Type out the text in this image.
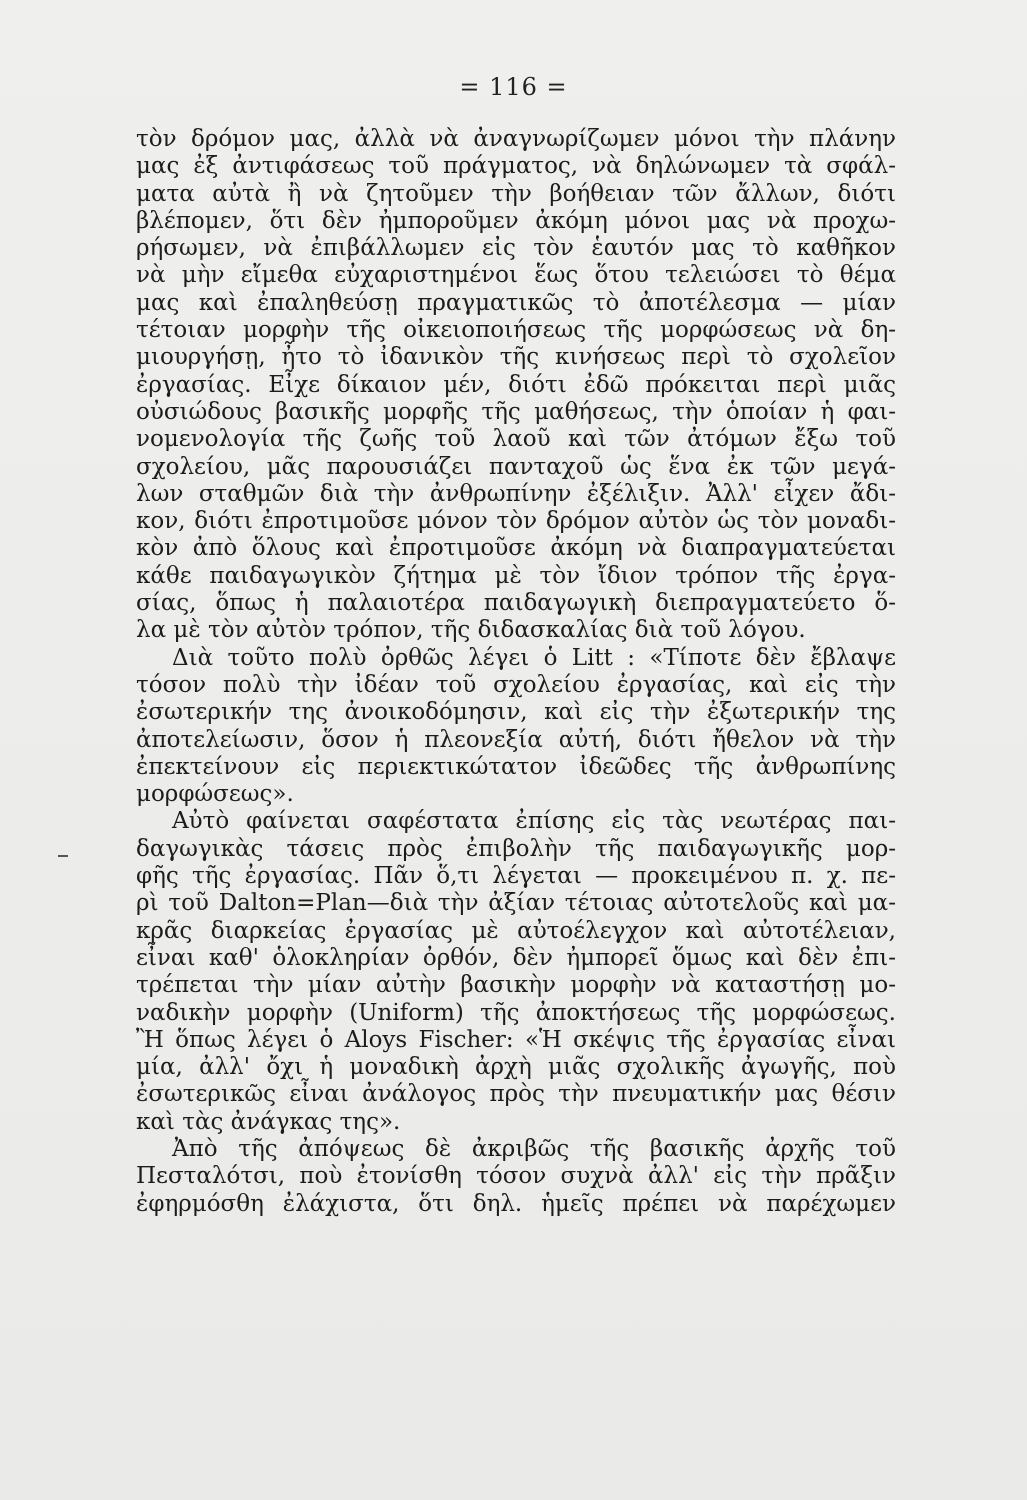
= 116 =
τὸν δρόμον μας, ἀλλὰ νὰ ἀναγνωρίζωμεν μόνοι τὴν πλάνην
μας ἐξ ἀντιφάσεως τοῦ πράγματος, νὰ δηλώνωμεν τὰ σφάλ-
ματα αὐτὰ ἢ νὰ ζητοῦμεν τὴν βοήθειαν τῶν ἄλλων, διότι
βλέπομεν, ὅτι δὲν ἠμποροῦμεν ἀκόμη μόνοι μας νὰ προχω-
ρήσωμεν, νὰ ἐπιβάλλωμεν εἰς τὸν ἑαυτόν μας τὸ καθῆκον
νὰ μὴν εἴμεθα εὐχαριστημένοι ἕως ὅτου τελειώσει τὸ θέμα
μας καὶ ἐπαληθεύσῃ πραγματικῶς τὸ ἀποτέλεσμα — μίαν
τέτοιαν μορφὴν τῆς οἰκειοποιήσεως τῆς μορφώσεως νὰ δη-
μιουργήσῃ, ἦτο τὸ ἰδανικὸν τῆς κινήσεως περὶ τὸ σχολεῖον
ἐργασίας. Εἶχε δίκαιον μέν, διότι ἐδῶ πρόκειται περὶ μιᾶς
οὐσιώδους βασικῆς μορφῆς τῆς μαθήσεως, τὴν ὁποίαν ἡ φαι-
νομενολογία τῆς ζωῆς τοῦ λαοῦ καὶ τῶν ἀτόμων ἔξω τοῦ
σχολείου, μᾶς παρουσιάζει πανταχοῦ ὡς ἕνα ἐκ τῶν μεγά-
λων σταθμῶν διὰ τὴν ἀνθρωπίνην ἐξέλιξιν. Ἀλλ' εἶχεν ἄδι-
κον, διότι ἐπροτιμοῦσε μόνον τὸν δρόμον αὐτὸν ὡς τὸν μοναδι-
κὸν ἀπὸ ὅλους καὶ ἐπροτιμοῦσε ἀκόμη νὰ διαπραγματεύεται
κάθε παιδαγωγικὸν ζήτημα μὲ τὸν ἴδιον τρόπον τῆς ἐργα-
σίας, ὅπως ἡ παλαιοτέρα παιδαγωγικὴ διεπραγματεύετο ὅ-
λα μὲ τὸν αὐτὸν τρόπον, τῆς διδασκαλίας διὰ τοῦ λόγου.
Διὰ τοῦτο πολὺ ὀρθῶς λέγει ὁ Litt : «Τίποτε δὲν ἔβλαψε
τόσον πολὺ τὴν ἰδέαν τοῦ σχολείου ἐργασίας, καὶ εἰς τὴν
ἐσωτερικήν της ἀνοικοδόμησιν, καὶ εἰς τὴν ἐξωτερικήν της
ἀποτελείωσιν, ὅσον ἡ πλεονεξία αὐτή, διότι ἤθελον νὰ τὴν
ἐπεκτείνουν εἰς περιεκτικώτατον ἰδεῶδες τῆς ἀνθρωπίνης
μορφώσεως».
Αὐτὸ φαίνεται σαφέστατα ἐπίσης εἰς τὰς νεωτέρας παι-
δαγωγικὰς τάσεις πρὸς ἐπιβολὴν τῆς παιδαγωγικῆς μορ-
φῆς τῆς ἐργασίας. Πᾶν ὅ,τι λέγεται — προκειμένου π. χ. πε-
ρὶ τοῦ Dalton=Plan—διὰ τὴν ἀξίαν τέτοιας αὐτοτελοῦς καὶ μα-
κρᾶς διαρκείας ἐργασίας μὲ αὐτοέλεγχον καὶ αὐτοτέλειαν,
εἶναι καθ' ὁλοκληρίαν ὀρθόν, δὲν ἠμπορεῖ ὅμως καὶ δὲν ἐπι-
τρέπεται τὴν μίαν αὐτὴν βασικὴν μορφὴν νὰ καταστήσῃ μο-
ναδικὴν μορφὴν (Uniform) τῆς ἀποκτήσεως τῆς μορφώσεως.
Ἢ ὅπως λέγει ὁ Aloys Fischer: «Ἡ σκέψις τῆς ἐργασίας εἶναι
μία, ἀλλ' ὄχι ἡ μοναδικὴ ἀρχὴ μιᾶς σχολικῆς ἀγωγῆς, ποὺ
ἐσωτερικῶς εἶναι ἀνάλογος πρὸς τὴν πνευματικήν μας θέσιν
καὶ τὰς ἀνάγκας της».
Ἀπὸ τῆς ἀπόψεως δὲ ἀκριβῶς τῆς βασικῆς ἀρχῆς τοῦ
Πεσταλότσι, ποὺ ἐτονίσθη τόσον συχνὰ ἀλλ' εἰς τὴν πρᾶξιν
ἐφηρμόσθη ἐλάχιστα, ὅτι δηλ. ἡμεῖς πρέπει νὰ παρέχωμεν
